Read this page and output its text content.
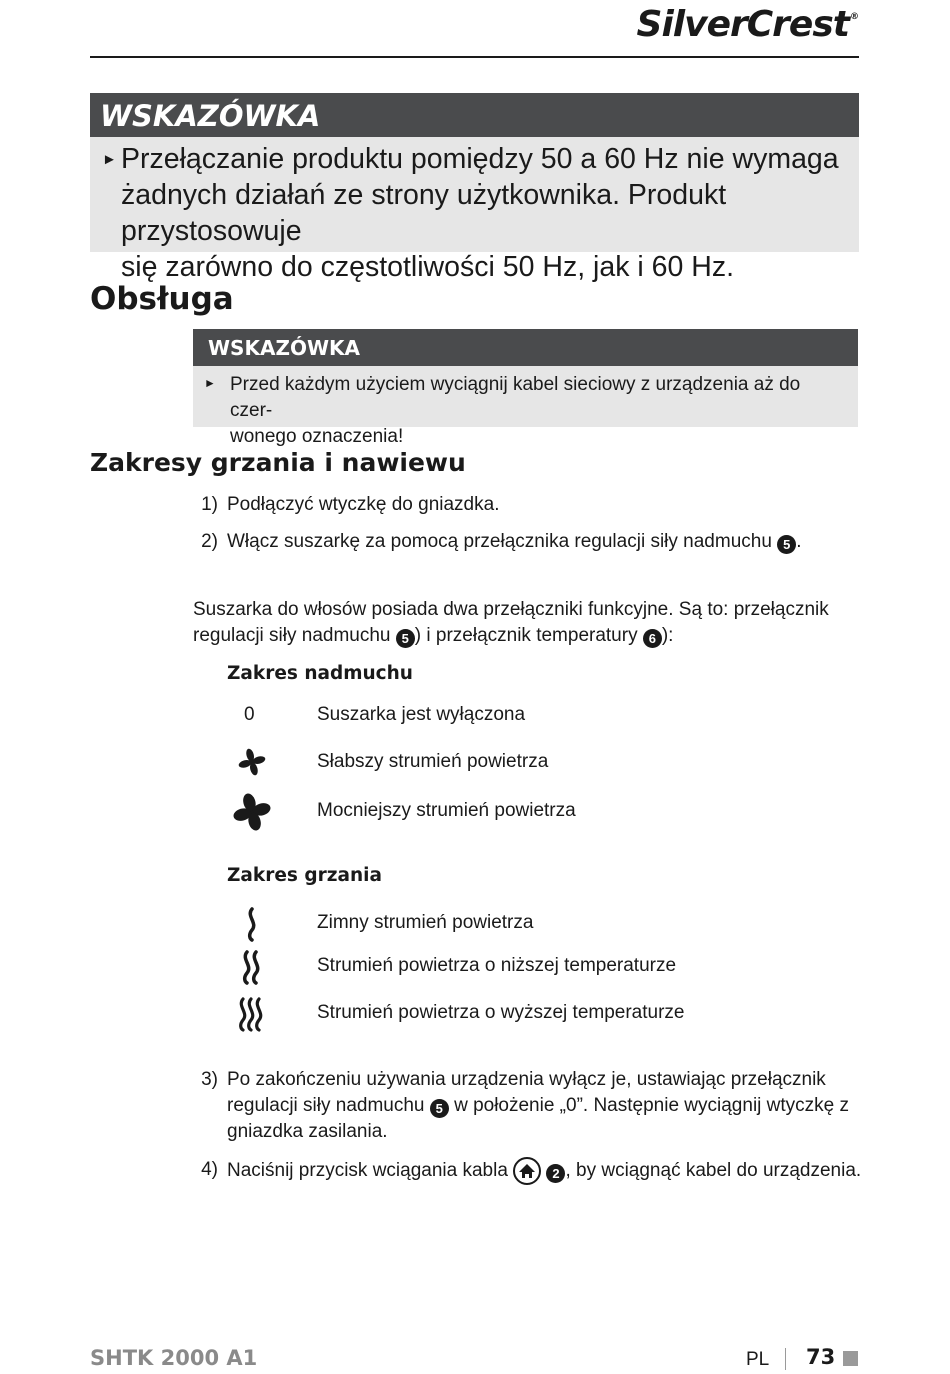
SilverCrest®
WSKAZÓWKA
► Przełączanie produktu pomiędzy 50 a 60 Hz nie wymaga
żadnych działań ze strony użytkownika. Produkt przystosowuje
się zarówno do częstotliwości 50 Hz, jak i 60 Hz.
Obsługa
WSKAZÓWKA
► Przed każdym użyciem wyciągnij kabel sieciowy z urządzenia aż do czer-
wonego oznaczenia!
Zakresy grzania i nawiewu
1) Podłączyć wtyczkę do gniazdka.
2) Włącz suszarkę za pomocą przełącznika regulacji siły nadmuchu 5 .
Suszarka do włosów posiada dwa przełączniki funkcyjne. Są to: przełącznik
regulacji siły nadmuchu 5 ) i przełącznik temperatury 6 ):
Zakres nadmuchu
0	Suszarka jest wyłączona
Słabszy strumień powietrza
Mocniejszy strumień powietrza
Zakres grzania
Zimny strumień powietrza
Strumień powietrza o niższej temperaturze
Strumień powietrza o wyższej temperaturze
3) Po zakończeniu używania urządzenia wyłącz je, ustawiając przełącznik
regulacji siły nadmuchu 5 w położenie „0”. Następnie wyciągnij wtyczkę z
gniazdka zasilania.
4) Naciśnij przycisk wciągania kabla	2 , by wciągnąć kabel do urządzenia.
SHTK 2000 A1	PL 73
